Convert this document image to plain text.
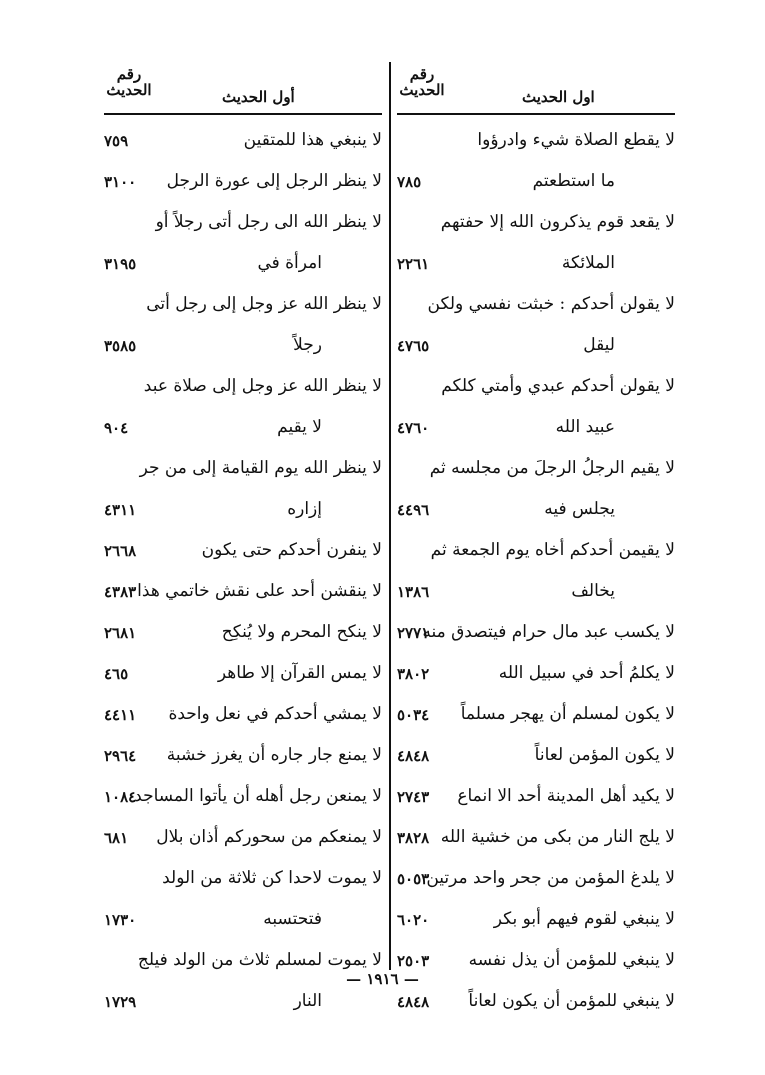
رقم
الحديث	أول الحديث
رقم
الحديث	اول الحديث
لا يقطع الصلاة شيء وادرؤوا
ما استطعتم
٧٨٥
لا يقعد قوم يذكرون الله إلا حفتهم
الملائكة
٢٢٦١
لا يقولن أحدكم : خبثت نفسي ولكن
ليقل
٤٧٦٥
لا يقولن أحدكم عبدي وأمتي كلكم
عبيد الله
٤٧٦٠
لا يقيم الرجلُ الرجلَ من مجلسه ثم
يجلس فيه
٤٤٩٦
لا يقيمن أحدكم أخاه يوم الجمعة ثم
يخالف
١٣٨٦
لا يكسب عبد مال حرام فيتصدق منه
٢٧٧١
لا يكلمُ أحد في سبيل الله
٣٨٠٢
لا يكون لمسلم أن يهجر مسلماً
٥٠٣٤
لا يكون المؤمن لعاناً
٤٨٤٨
لا يكيد أهل المدينة أحد الا انماع
٢٧٤٣
لا يلج النار من بكى من خشية الله
٣٨٢٨
لا يلدغ المؤمن من جحر واحد مرتين
٥٠٥٣
لا ينبغي لقوم فيهم أبو بكر
٦٠٢٠
لا ينبغي للمؤمن أن يذل نفسه
٢٥٠٣
لا ينبغي للمؤمن أن يكون لعاناً
٤٨٤٨
لا ينبغي هذا للمتقين
٧٥٩
لا ينظر الرجل إلى عورة الرجل
٣١٠٠
لا ينظر الله الى رجل أتى رجلاً أو
امرأة في
٣١٩٥
لا ينظر الله عز وجل إلى رجل أتى
رجلاً
٣٥٨٥
لا ينظر الله عز وجل إلى صلاة عبد
لا يقيم
٩٠٤
لا ينظر الله يوم القيامة إلى من جر
إزاره
٤٣١١
لا ينفرن أحدكم حتى يكون
٢٦٦٨
لا ينقشن أحد على نقش خاتمي هذا
٤٣٨٣
لا ينكح المحرم ولا يُنكِح
٢٦٨١
لا يمس القرآن إلا طاهر
٤٦٥
لا يمشي أحدكم في نعل واحدة
٤٤١١
لا يمنع جار جاره أن يغرز خشبة
٢٩٦٤
لا يمنعن رجل أهله أن يأتوا المساجد
١٠٨٤
لا يمنعكم من سحوركم أذان بلال
٦٨١
لا يموت لاحدا كن ثلاثة من الولد
فتحتسبه
١٧٣٠
لا يموت لمسلم ثلاث من الولد فيلج
النار
١٧٢٩
— ١٩١٦ —
